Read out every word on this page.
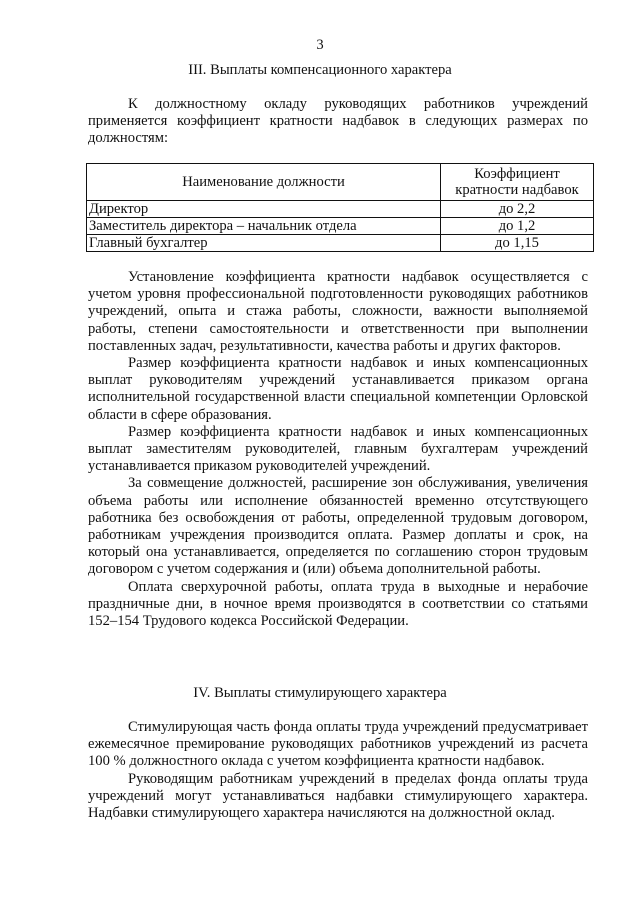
3
III. Выплаты компенсационного характера

К должностному окладу руководящих работников учреждений применяется коэффициент кратности надбавок в следующих размерах по должностям:

Наименование должности	Коэффициент кратности надбавок
Директор	до 2,2
Заместитель директора – начальник отдела	до 1,2
Главный бухгалтер	до 1,15

Установление коэффициента кратности надбавок осуществляется с учетом уровня профессиональной подготовленности руководящих работников учреждений, опыта и стажа работы, сложности, важности выполняемой работы, степени самостоятельности и ответственности при выполнении поставленных задач, результативности, качества работы и других факторов.

Размер коэффициента кратности надбавок и иных компенсационных выплат руководителям учреждений устанавливается приказом органа исполнительной государственной власти специальной компетенции Орловской области в сфере образования.

Размер коэффициента кратности надбавок и иных компенсационных выплат заместителям руководителей, главным бухгалтерам учреждений устанавливается приказом руководителей учреждений.

За совмещение должностей, расширение зон обслуживания, увеличения объема работы или исполнение обязанностей временно отсутствующего работника без освобождения от работы, определенной трудовым договором, работникам учреждения производится оплата. Размер доплаты и срок, на который она устанавливается, определяется по соглашению сторон трудовым договором с учетом содержания и (или) объема дополнительной работы.

Оплата сверхурочной работы, оплата труда в выходные и нерабочие праздничные дни, в ночное время производятся в соответствии со статьями 152–154 Трудового кодекса Российской Федерации.

IV. Выплаты стимулирующего характера

Стимулирующая часть фонда оплаты труда учреждений предусматривает ежемесячное премирование руководящих работников учреждений из расчета 100 % должностного оклада с учетом коэффициента кратности надбавок.

Руководящим работникам учреждений в пределах фонда оплаты труда учреждений могут устанавливаться надбавки стимулирующего характера. Надбавки стимулирующего характера начисляются на должностной оклад.
